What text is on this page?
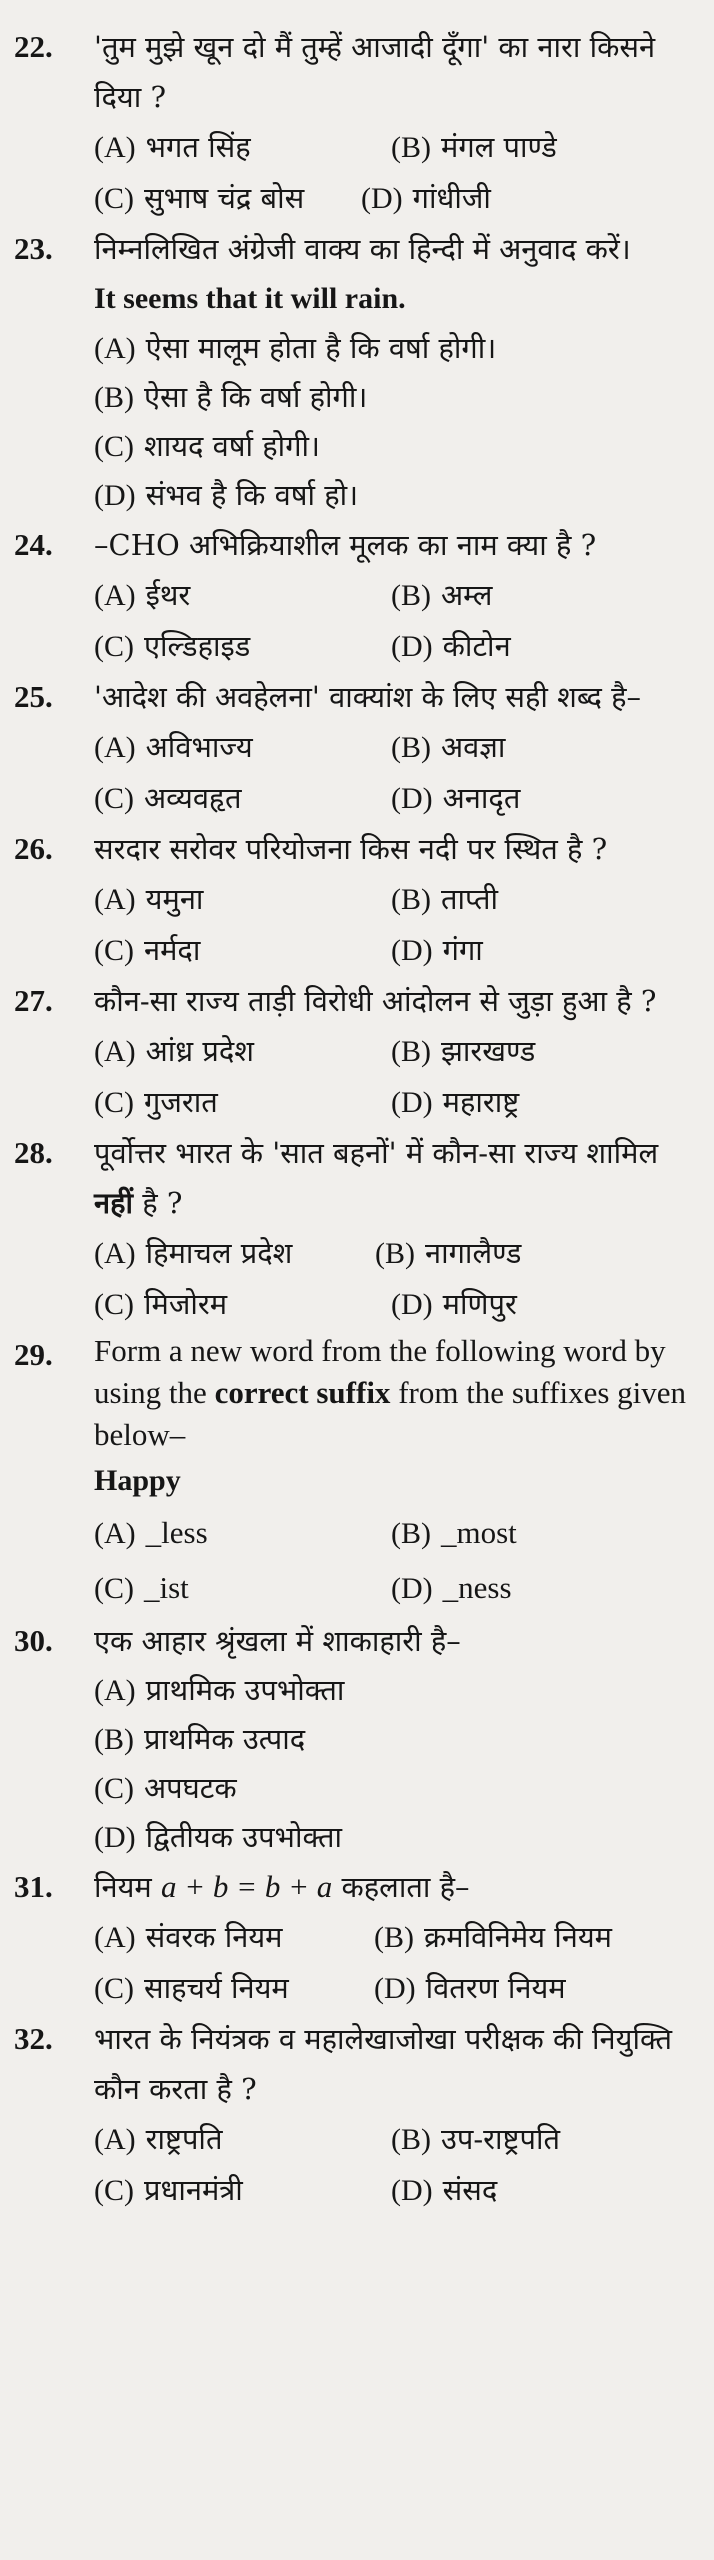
22.	'तुम मुझे खून दो मैं तुम्हें आजादी दूँगा' का नारा किसने दिया ?
(A) भगत सिंह	(B) मंगल पाण्डे
(C) सुभाष चंद्र बोस	(D) गांधीजी
23.	निम्नलिखित अंग्रेजी वाक्य का हिन्दी में अनुवाद करें।
It seems that it will rain.
(A) ऐसा मालूम होता है कि वर्षा होगी।
(B) ऐसा है कि वर्षा होगी।
(C) शायद वर्षा होगी।
(D) संभव है कि वर्षा हो।
24.	–CHO अभिक्रियाशील मूलक का नाम क्या है ?
(A) ईथर	(B) अम्ल
(C) एल्डिहाइड	(D) कीटोन
25.	'आदेश की अवहेलना' वाक्यांश के लिए सही शब्द है–
(A) अविभाज्य	(B) अवज्ञा
(C) अव्यवहृत	(D) अनादृत
26.	सरदार सरोवर परियोजना किस नदी पर स्थित है ?
(A) यमुना	(B) ताप्ती
(C) नर्मदा	(D) गंगा
27.	कौन-सा राज्य ताड़ी विरोधी आंदोलन से जुड़ा हुआ है ?
(A) आंध्र प्रदेश	(B) झारखण्ड
(C) गुजरात	(D) महाराष्ट्र
28.	पूर्वोत्तर भारत के 'सात बहनों' में कौन-सा राज्य शामिल नहीं है ?
(A) हिमाचल प्रदेश	(B) नागालैण्ड
(C) मिजोरम	(D) मणिपुर
29.	Form a new word from the following word by using the correct suffix from the suffixes given below–
Happy
(A) _less	(B) _most
(C) _ist	(D) _ness
30.	एक आहार श्रृंखला में शाकाहारी है–
(A) प्राथमिक उपभोक्ता
(B) प्राथमिक उत्पाद
(C) अपघटक
(D) द्वितीयक उपभोक्ता
31.	नियम a + b = b + a कहलाता है–
(A) संवरक नियम	(B) क्रमविनिमेय नियम
(C) साहचर्य नियम	(D) वितरण नियम
32.	भारत के नियंत्रक व महालेखाजोखा परीक्षक की नियुक्ति कौन करता है ?
(A) राष्ट्रपति	(B) उप-राष्ट्रपति
(C) प्रधानमंत्री	(D) संसद
